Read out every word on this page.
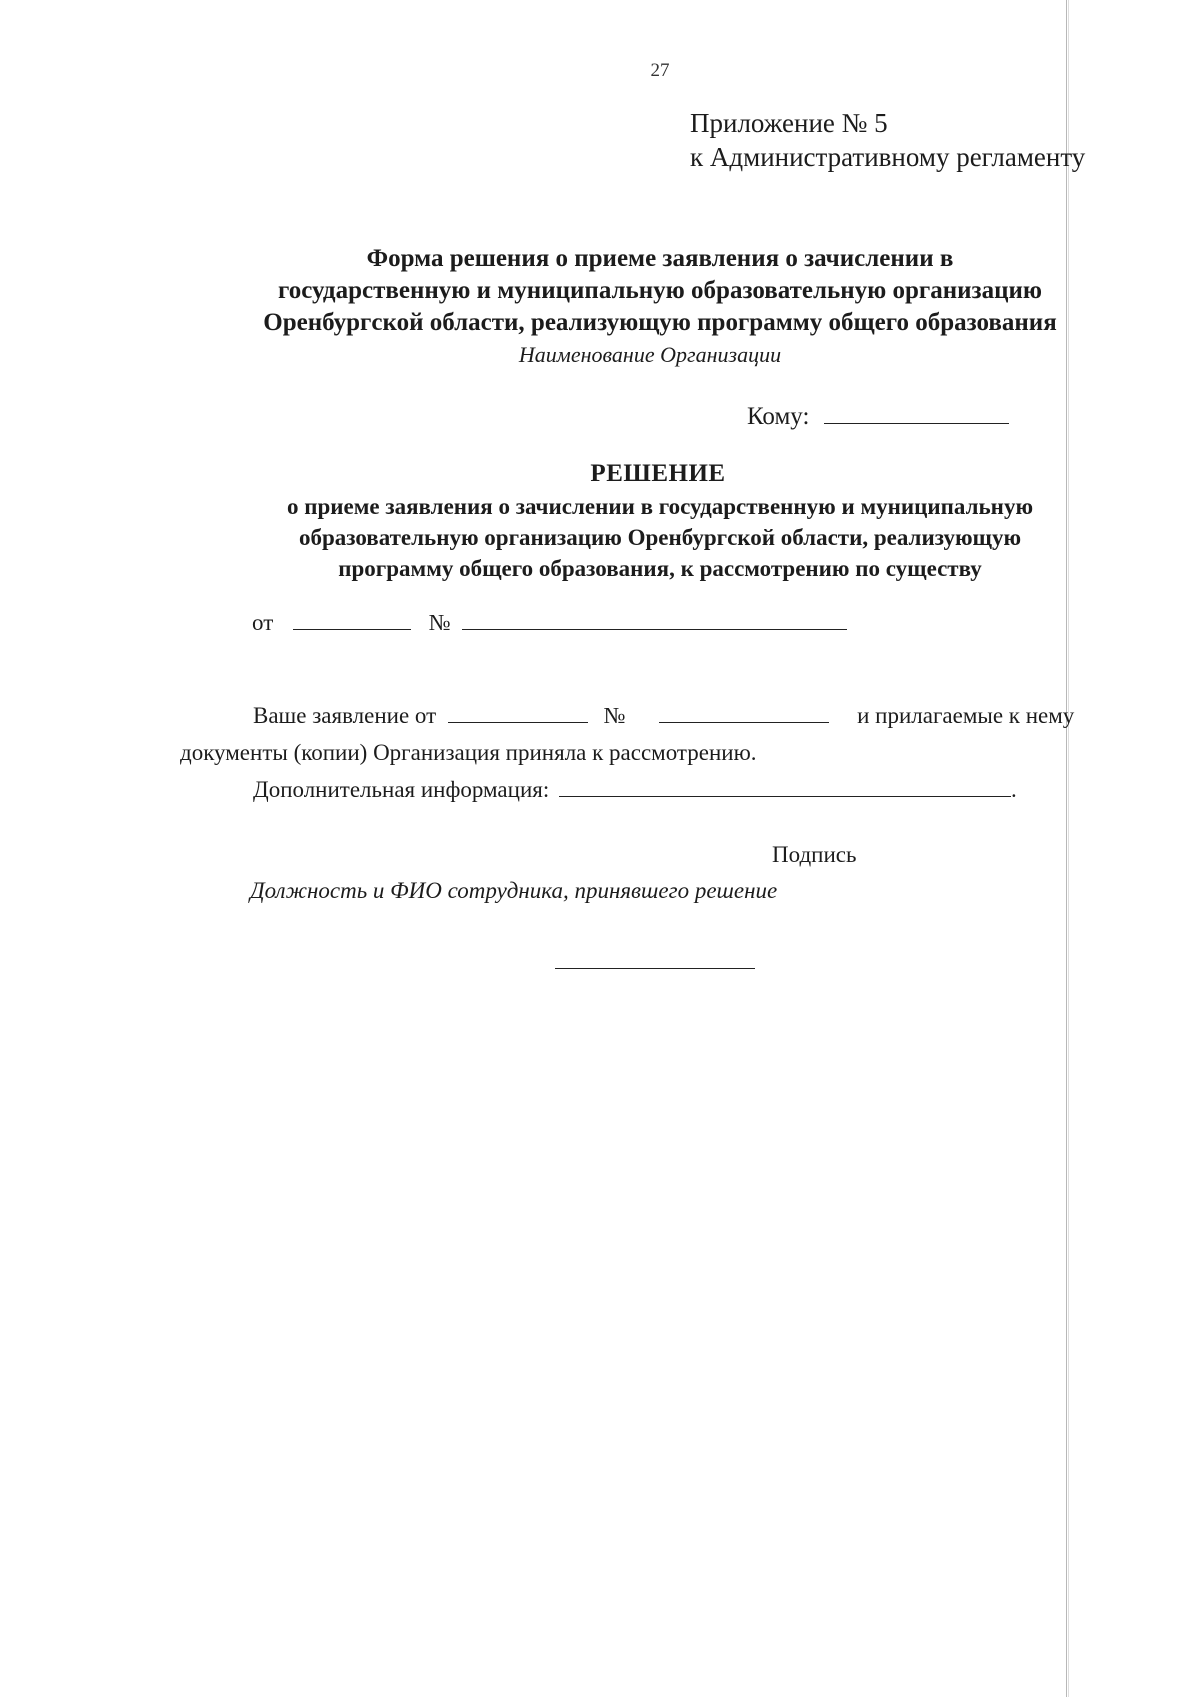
27
Приложение № 5
к Административному регламенту
Форма решения о приеме заявления о зачислении в
государственную и муниципальную образовательную организацию
Оренбургской области, реализующую программу общего образования
Наименование Организации
Кому:
РЕШЕНИЕ
о приеме заявления о зачислении в государственную и муниципальную
образовательную организацию Оренбургской области, реализующую
программу общего образования, к рассмотрению по существу
от	№
Ваше заявление от	№	и прилагаемые к нему
документы (копии) Организация приняла к рассмотрению.
Дополнительная информация:	.
Подпись
Должность и ФИО сотрудника, принявшего решение
